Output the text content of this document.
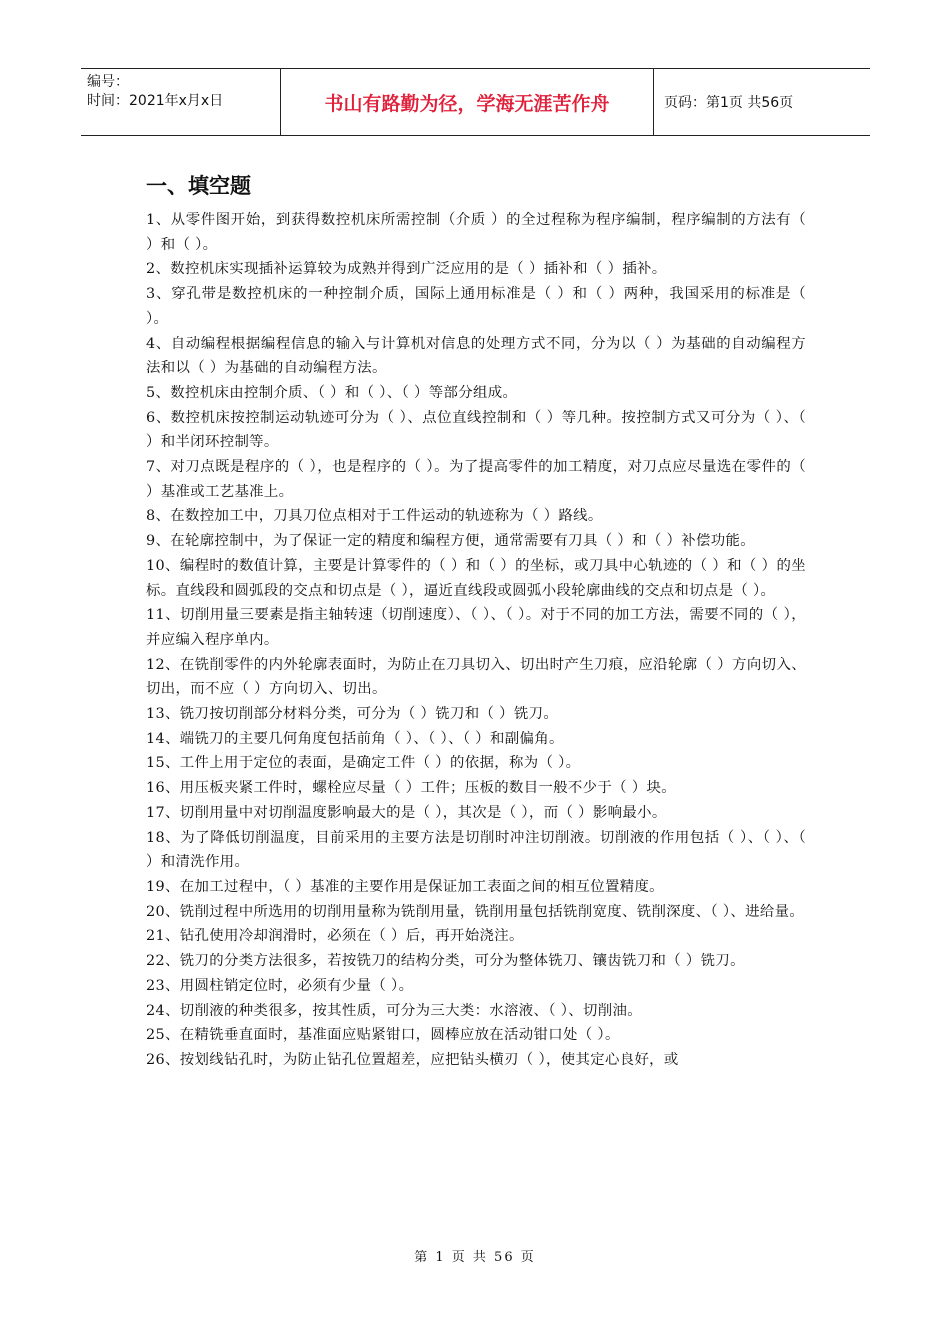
编号：
时间：2021年x月x日	书山有路勤为径，学海无涯苦作舟	页码：第1页 共56页
一、填空题
1、从零件图开始，到获得数控机床所需控制（介质 ）的全过程称为程序编制，程序编制的方法有（ ）和（ ）。
2、数控机床实现插补运算较为成熟并得到广泛应用的是（ ）插补和（ ）插补。
3、穿孔带是数控机床的一种控制介质，国际上通用标准是（ ）和（ ）两种，我国采用的标准是（ ）。
4、自动编程根据编程信息的输入与计算机对信息的处理方式不同，分为以（ ）为基础的自动编程方法和以（ ）为基础的自动编程方法。
5、数控机床由控制介质、（ ）和（ ）、（ ）等部分组成。
6、数控机床按控制运动轨迹可分为（ ）、点位直线控制和（ ）等几种。按控制方式又可分为（ ）、（ ）和半闭环控制等。
7、对刀点既是程序的（ ），也是程序的（ ）。为了提高零件的加工精度，对刀点应尽量选在零件的（ ）基准或工艺基准上。
8、在数控加工中，刀具刀位点相对于工件运动的轨迹称为（ ）路线。
9、在轮廓控制中，为了保证一定的精度和编程方便，通常需要有刀具（ ）和（ ）补偿功能。
10、编程时的数值计算，主要是计算零件的（ ）和（ ）的坐标，或刀具中心轨迹的（ ）和（ ）的坐标。直线段和圆弧段的交点和切点是（ ），逼近直线段或圆弧小段轮廓曲线的交点和切点是（ ）。
11、切削用量三要素是指主轴转速（切削速度）、（ ）、（ ）。对于不同的加工方法，需要不同的（ ），并应编入程序单内。
12、在铣削零件的内外轮廓表面时，为防止在刀具切入、切出时产生刀痕，应沿轮廓（ ）方向切入、切出，而不应（ ）方向切入、切出。
13、铣刀按切削部分材料分类，可分为（ ）铣刀和（ ）铣刀。
14、端铣刀的主要几何角度包括前角（ ）、（ ）、（ ）和副偏角。
15、工件上用于定位的表面，是确定工件（ ）的依据，称为（ ）。
16、用压板夹紧工件时，螺栓应尽量（ ）工件；压板的数目一般不少于（ ）块。
17、切削用量中对切削温度影响最大的是（ ），其次是（ ），而（ ）影响最小。
18、为了降低切削温度，目前采用的主要方法是切削时冲注切削液。切削液的作用包括（ ）、（ ）、（ ）和清洗作用。
19、在加工过程中，（ ）基准的主要作用是保证加工表面之间的相互位置精度。
20、铣削过程中所选用的切削用量称为铣削用量，铣削用量包括铣削宽度、铣削深度、（ ）、进给量。
21、钻孔使用冷却润滑时，必须在（ ）后，再开始浇注。
22、铣刀的分类方法很多，若按铣刀的结构分类，可分为整体铣刀、镶齿铣刀和（ ）铣刀。
23、用圆柱销定位时，必须有少量（ ）。
24、切削液的种类很多，按其性质，可分为三大类：水溶液、（ ）、切削油。
25、在精铣垂直面时，基准面应贴紧钳口，圆棒应放在活动钳口处（ ）。
26、按划线钻孔时，为防止钻孔位置超差，应把钻头横刃（ ），使其定心良好，或
第 1 页 共 56 页
